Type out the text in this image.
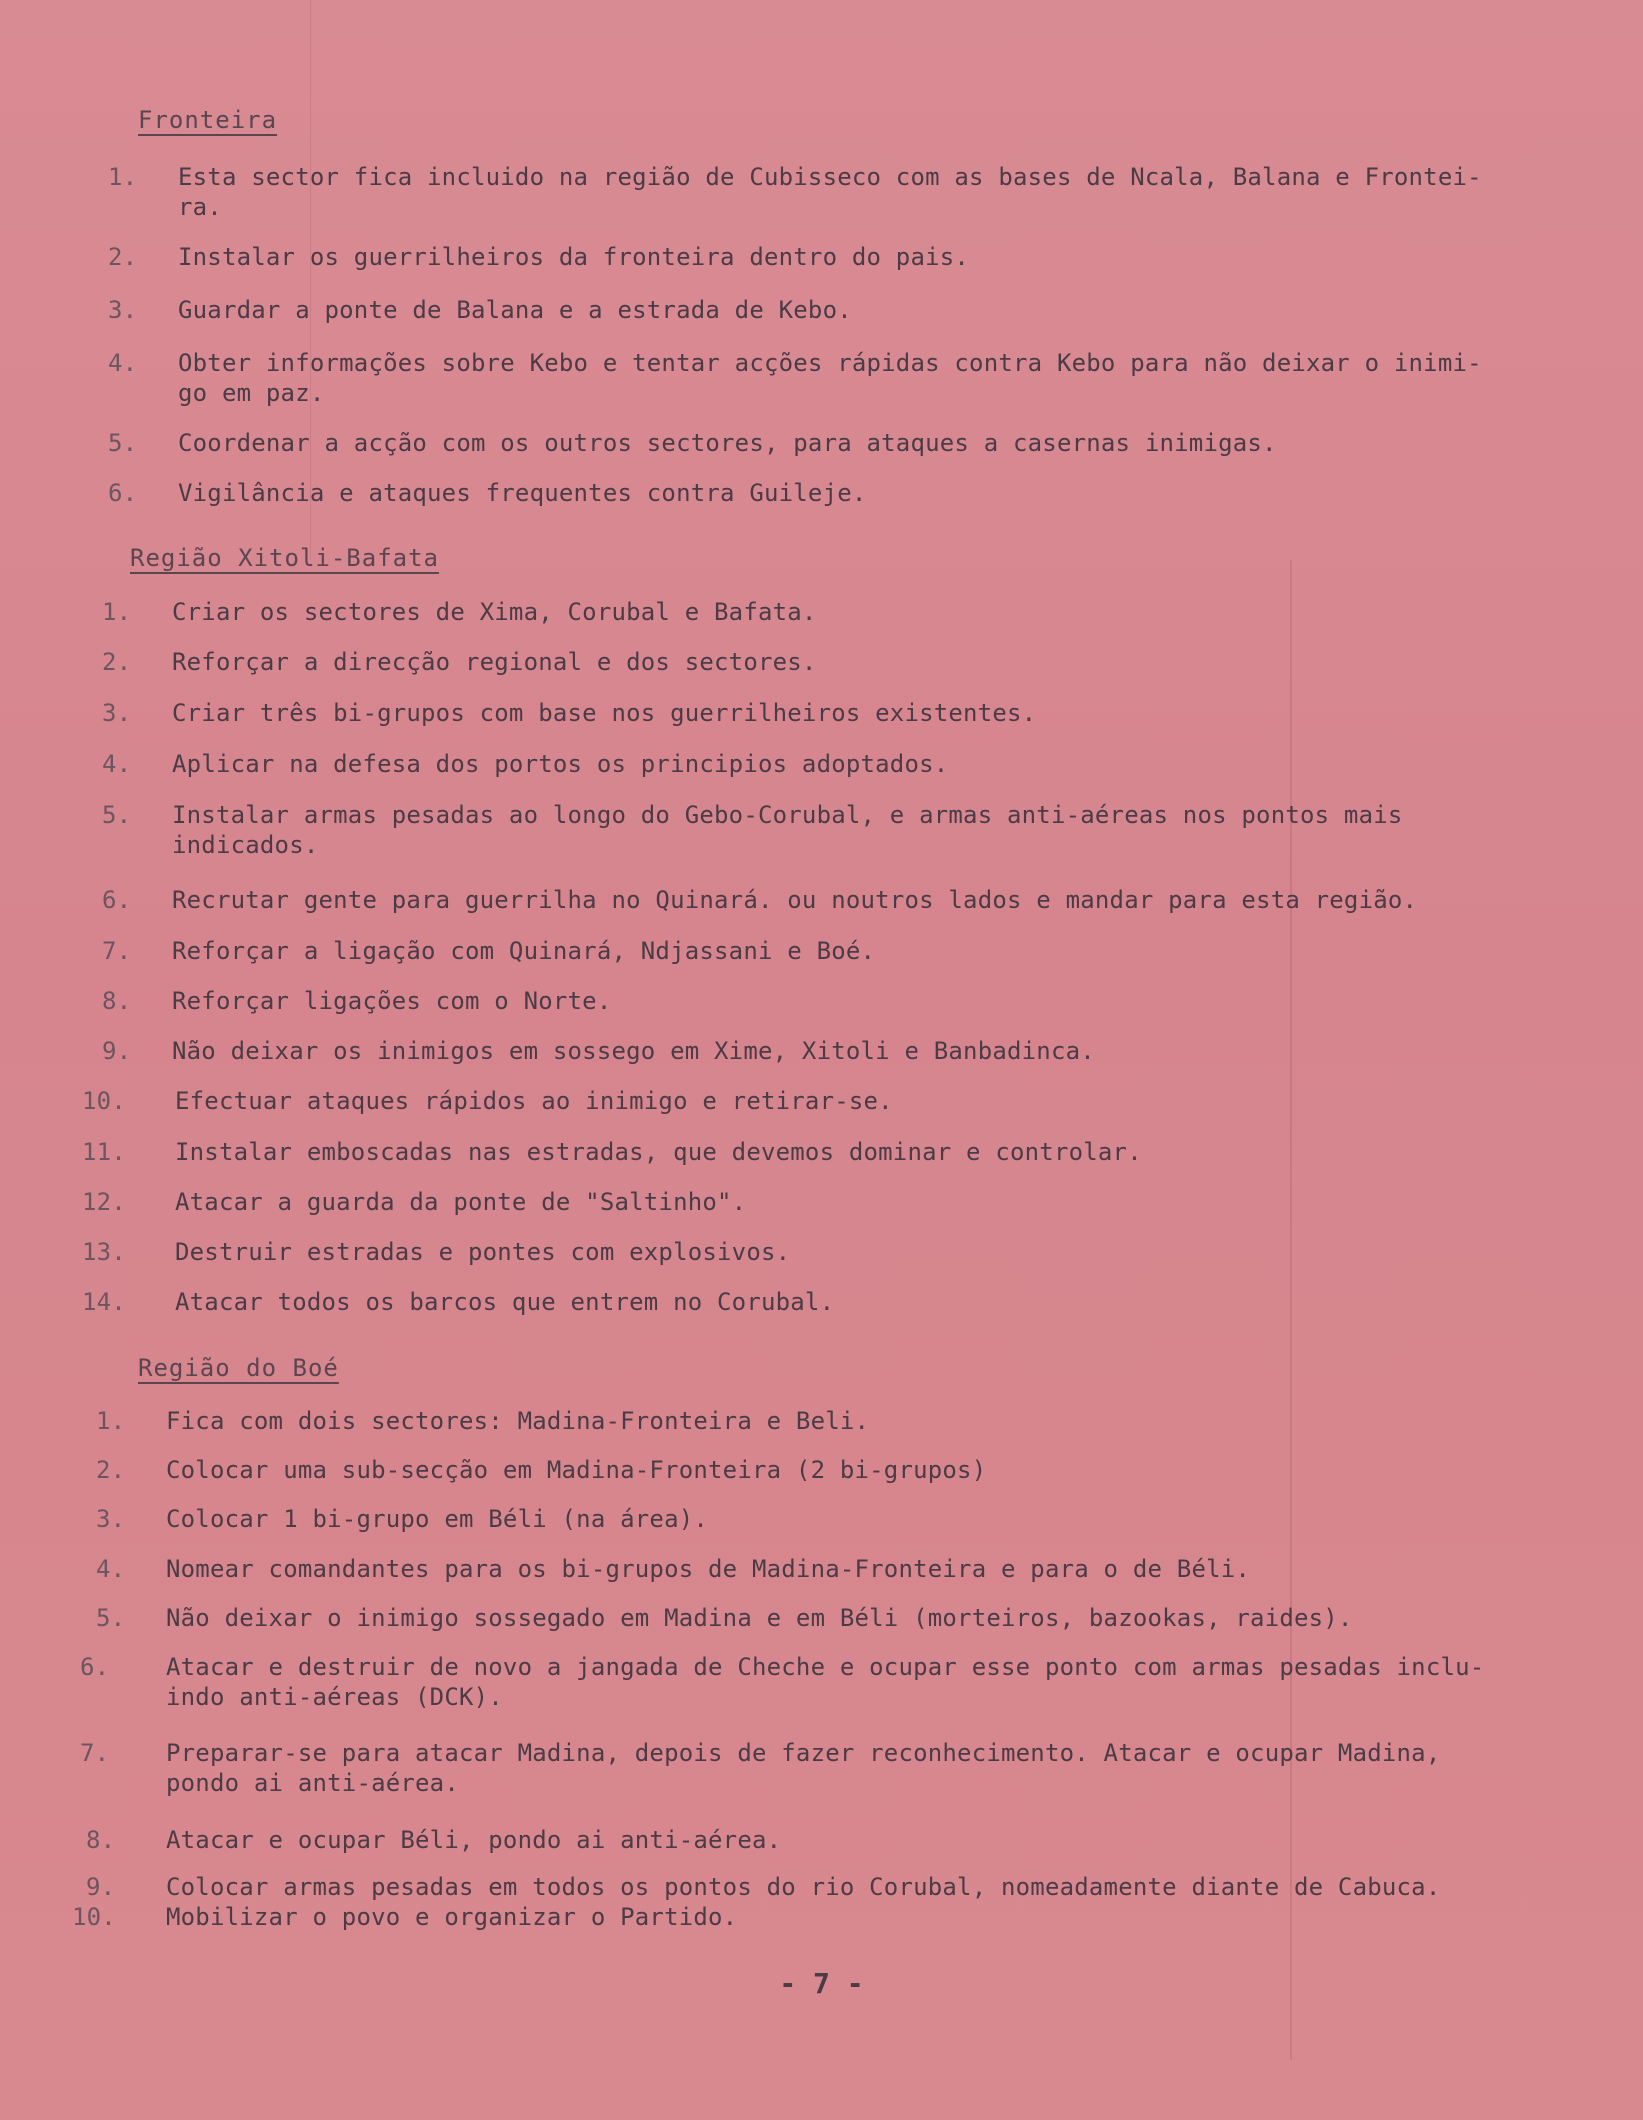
Fronteira
1.	Esta sector fica incluido na região de Cubisseco com as bases de Ncala, Balana e Frontei-
ra.
2.	Instalar os guerrilheiros da fronteira dentro do pais.
3.	Guardar a ponte de Balana e a estrada de Kebo.
4.	Obter informações sobre Kebo e tentar acções rápidas contra Kebo para não deixar o inimi-
go em paz.
5.	Coordenar a acção com os outros sectores, para ataques a casernas inimigas.
6.	Vigilância e ataques frequentes contra Guileje.
Região Xitoli-Bafata
1.	Criar os sectores de Xima, Corubal e Bafata.
2.	Reforçar a direcção regional e dos sectores.
3.	Criar três bi-grupos com base nos guerrilheiros existentes.
4.	Aplicar na defesa dos portos os principios adoptados.
5.	Instalar armas pesadas ao longo do Gebo-Corubal, e armas anti-aéreas nos pontos mais
indicados.
6.	Recrutar gente para guerrilha no Quinará. ou noutros lados e mandar para esta região.
7.	Reforçar a ligação com Quinará, Ndjassani e Boé.
8.	Reforçar ligações com o Norte.
9.	Não deixar os inimigos em sossego em Xime, Xitoli e Banbadinca.
10.	Efectuar ataques rápidos ao inimigo e retirar-se.
11.	Instalar emboscadas nas estradas, que devemos dominar e controlar.
12.	Atacar a guarda da ponte de "Saltinho".
13.	Destruir estradas e pontes com explosivos.
14.	Atacar todos os barcos que entrem no Corubal.
Região do Boé
1.	Fica com dois sectores: Madina-Fronteira e Beli.
2.	Colocar uma sub-secção em Madina-Fronteira (2 bi-grupos)
3.	Colocar 1 bi-grupo em Béli (na área).
4.	Nomear comandantes para os bi-grupos de Madina-Fronteira e para o de Béli.
5.	Não deixar o inimigo sossegado em Madina e em Béli (morteiros, bazookas, raides).
6.	Atacar e destruir de novo a jangada de Cheche e ocupar esse ponto com armas pesadas inclu-
indo anti-aéreas (DCK).
7.	Preparar-se para atacar Madina, depois de fazer reconhecimento. Atacar e ocupar Madina,
pondo ai anti-aérea.
8.	Atacar e ocupar Béli, pondo ai anti-aérea.
9.	Colocar armas pesadas em todos os pontos do rio Corubal, nomeadamente diante de Cabuca.
10.	Mobilizar o povo e organizar o Partido.
- 7 -
